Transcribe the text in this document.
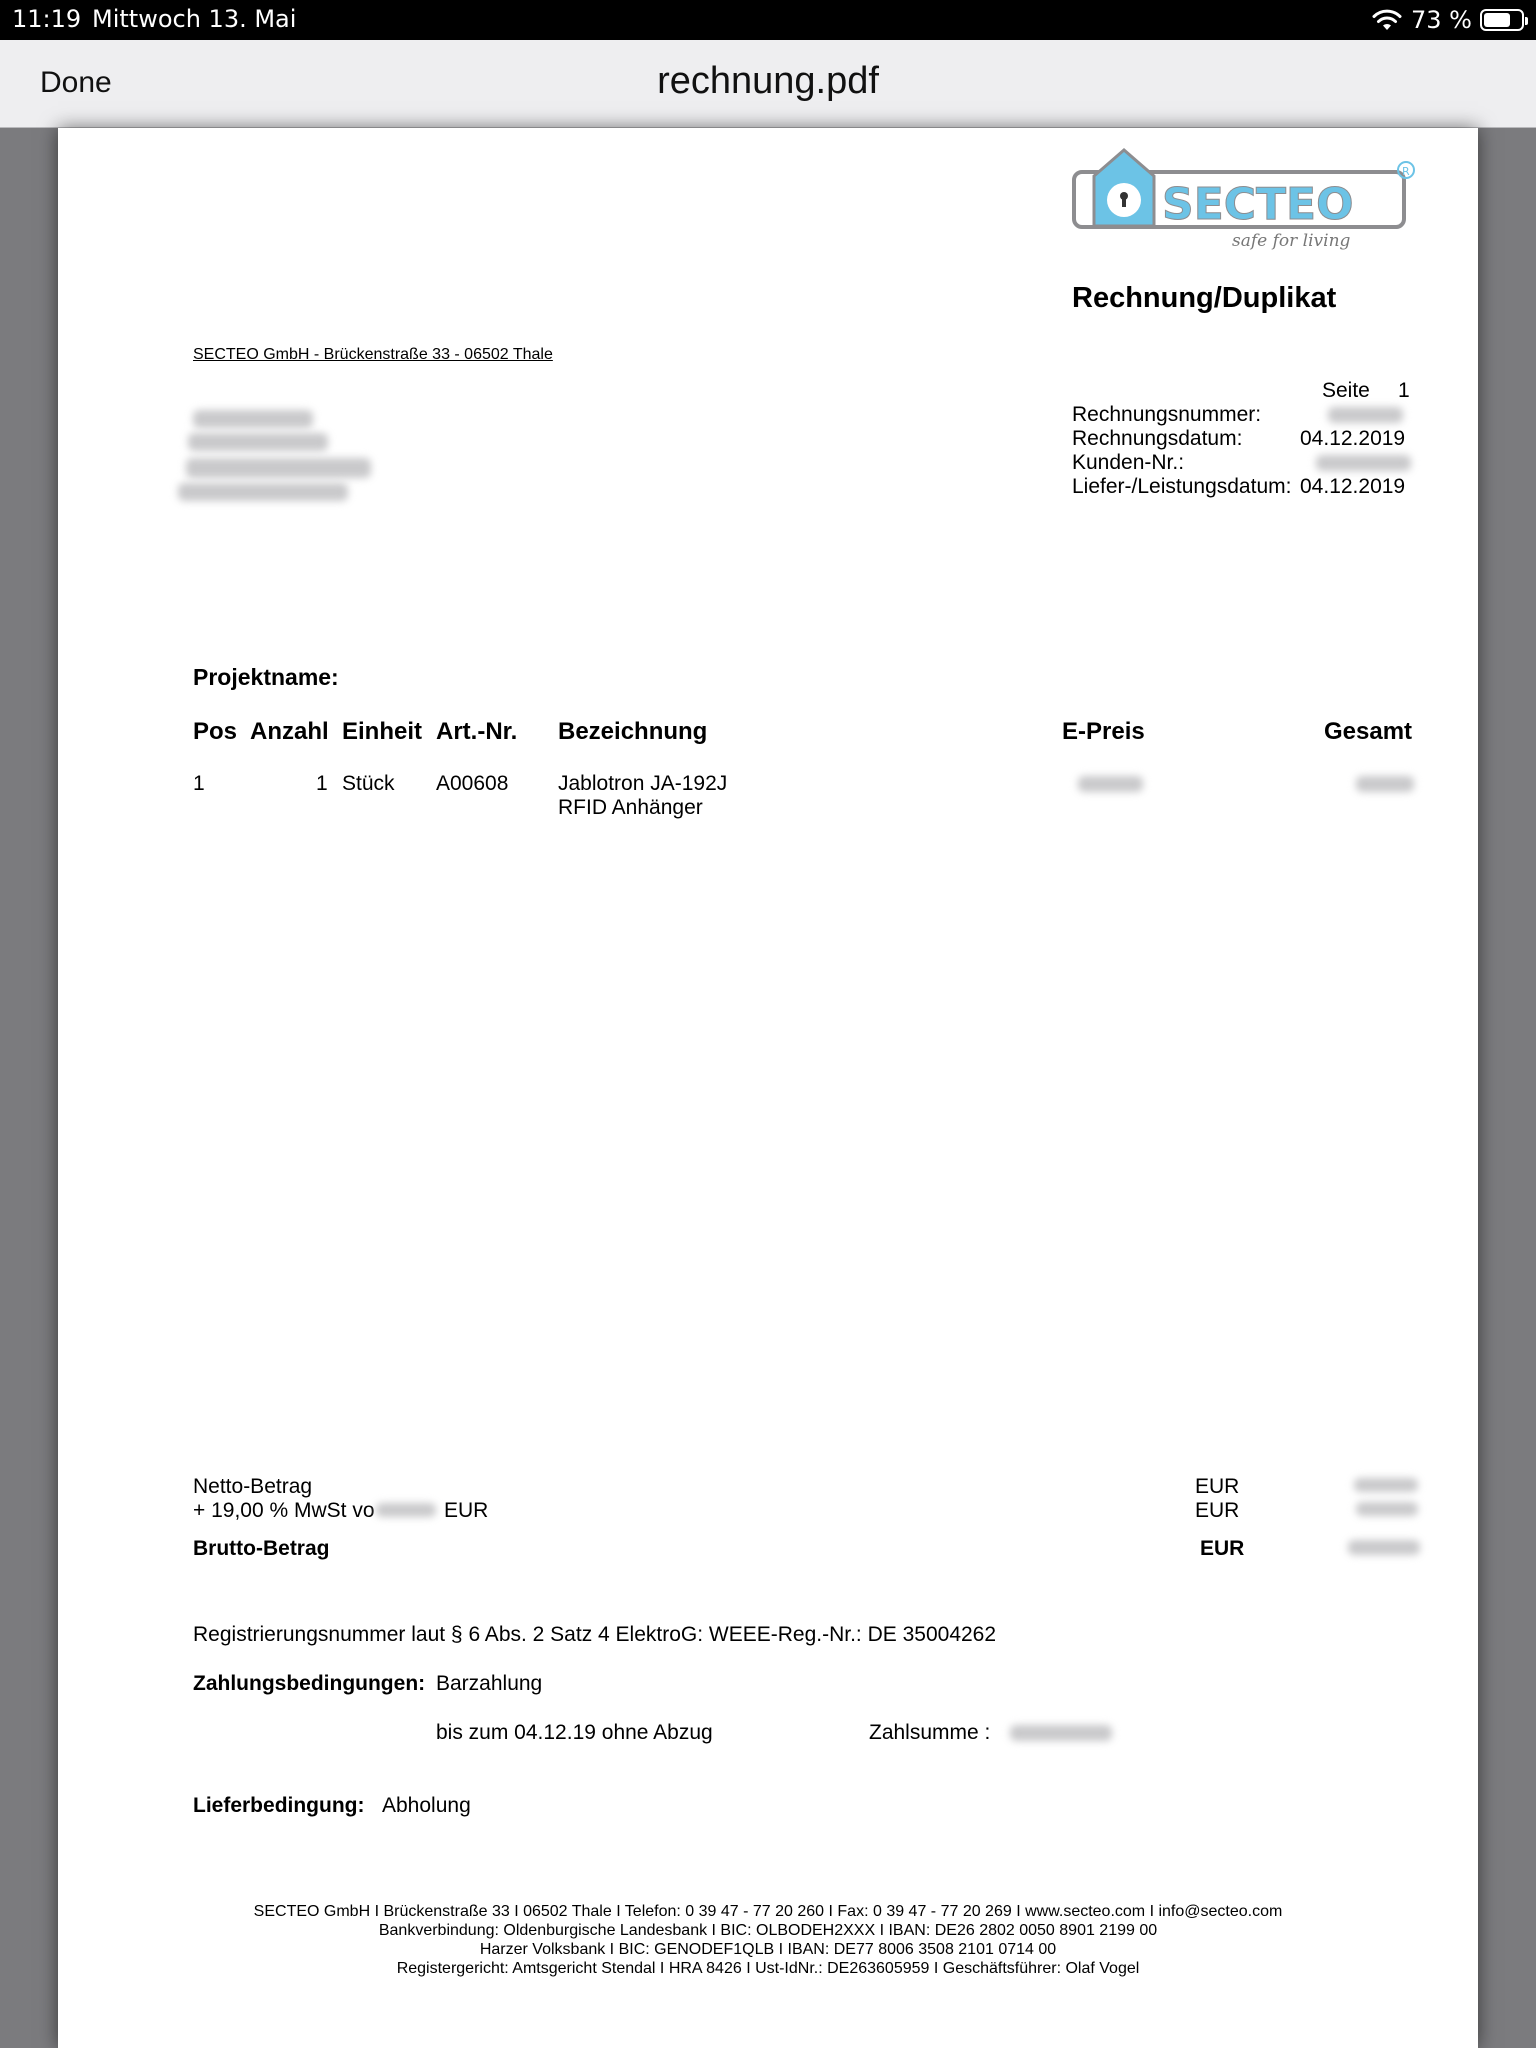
11:19 Mittwoch 13. Mai	73 %
Done	rechnung.pdf
SECTEO
safe for living
R
Rechnung/Duplikat
SECTEO GmbH - Brückenstraße 33 - 06502 Thale
Seite 1
Rechnungsnummer:
Rechnungsdatum:	04.12.2019
Kunden-Nr.:
Liefer-/Leistungsdatum: 04.12.2019
Projektname:
Pos Anzahl Einheit Art.-Nr. Bezeichnung	E-Preis	Gesamt
1	1 Stück A00608 Jablotron JA-192J
RFID Anhänger
Netto-Betrag	EUR
+ 19,00 % MwSt vo	EUR	EUR
Brutto-Betrag	EUR
Registrierungsnummer laut § 6 Abs. 2 Satz 4 ElektroG: WEEE-Reg.-Nr.: DE 35004262
Zahlungsbedingungen: Barzahlung
bis zum 04.12.19 ohne Abzug	Zahlsumme :
Lieferbedingung: Abholung
SECTEO GmbH I Brückenstraße 33 I 06502 Thale I Telefon: 0 39 47 - 77 20 260 I Fax: 0 39 47 - 77 20 269 I www.secteo.com I info@secteo.com
Bankverbindung: Oldenburgische Landesbank I BIC: OLBODEH2XXX I IBAN: DE26 2802 0050 8901 2199 00
Harzer Volksbank I BIC: GENODEF1QLB I IBAN: DE77 8006 3508 2101 0714 00
Registergericht: Amtsgericht Stendal I HRA 8426 I Ust-IdNr.: DE263605959 I Geschäftsführer: Olaf Vogel
